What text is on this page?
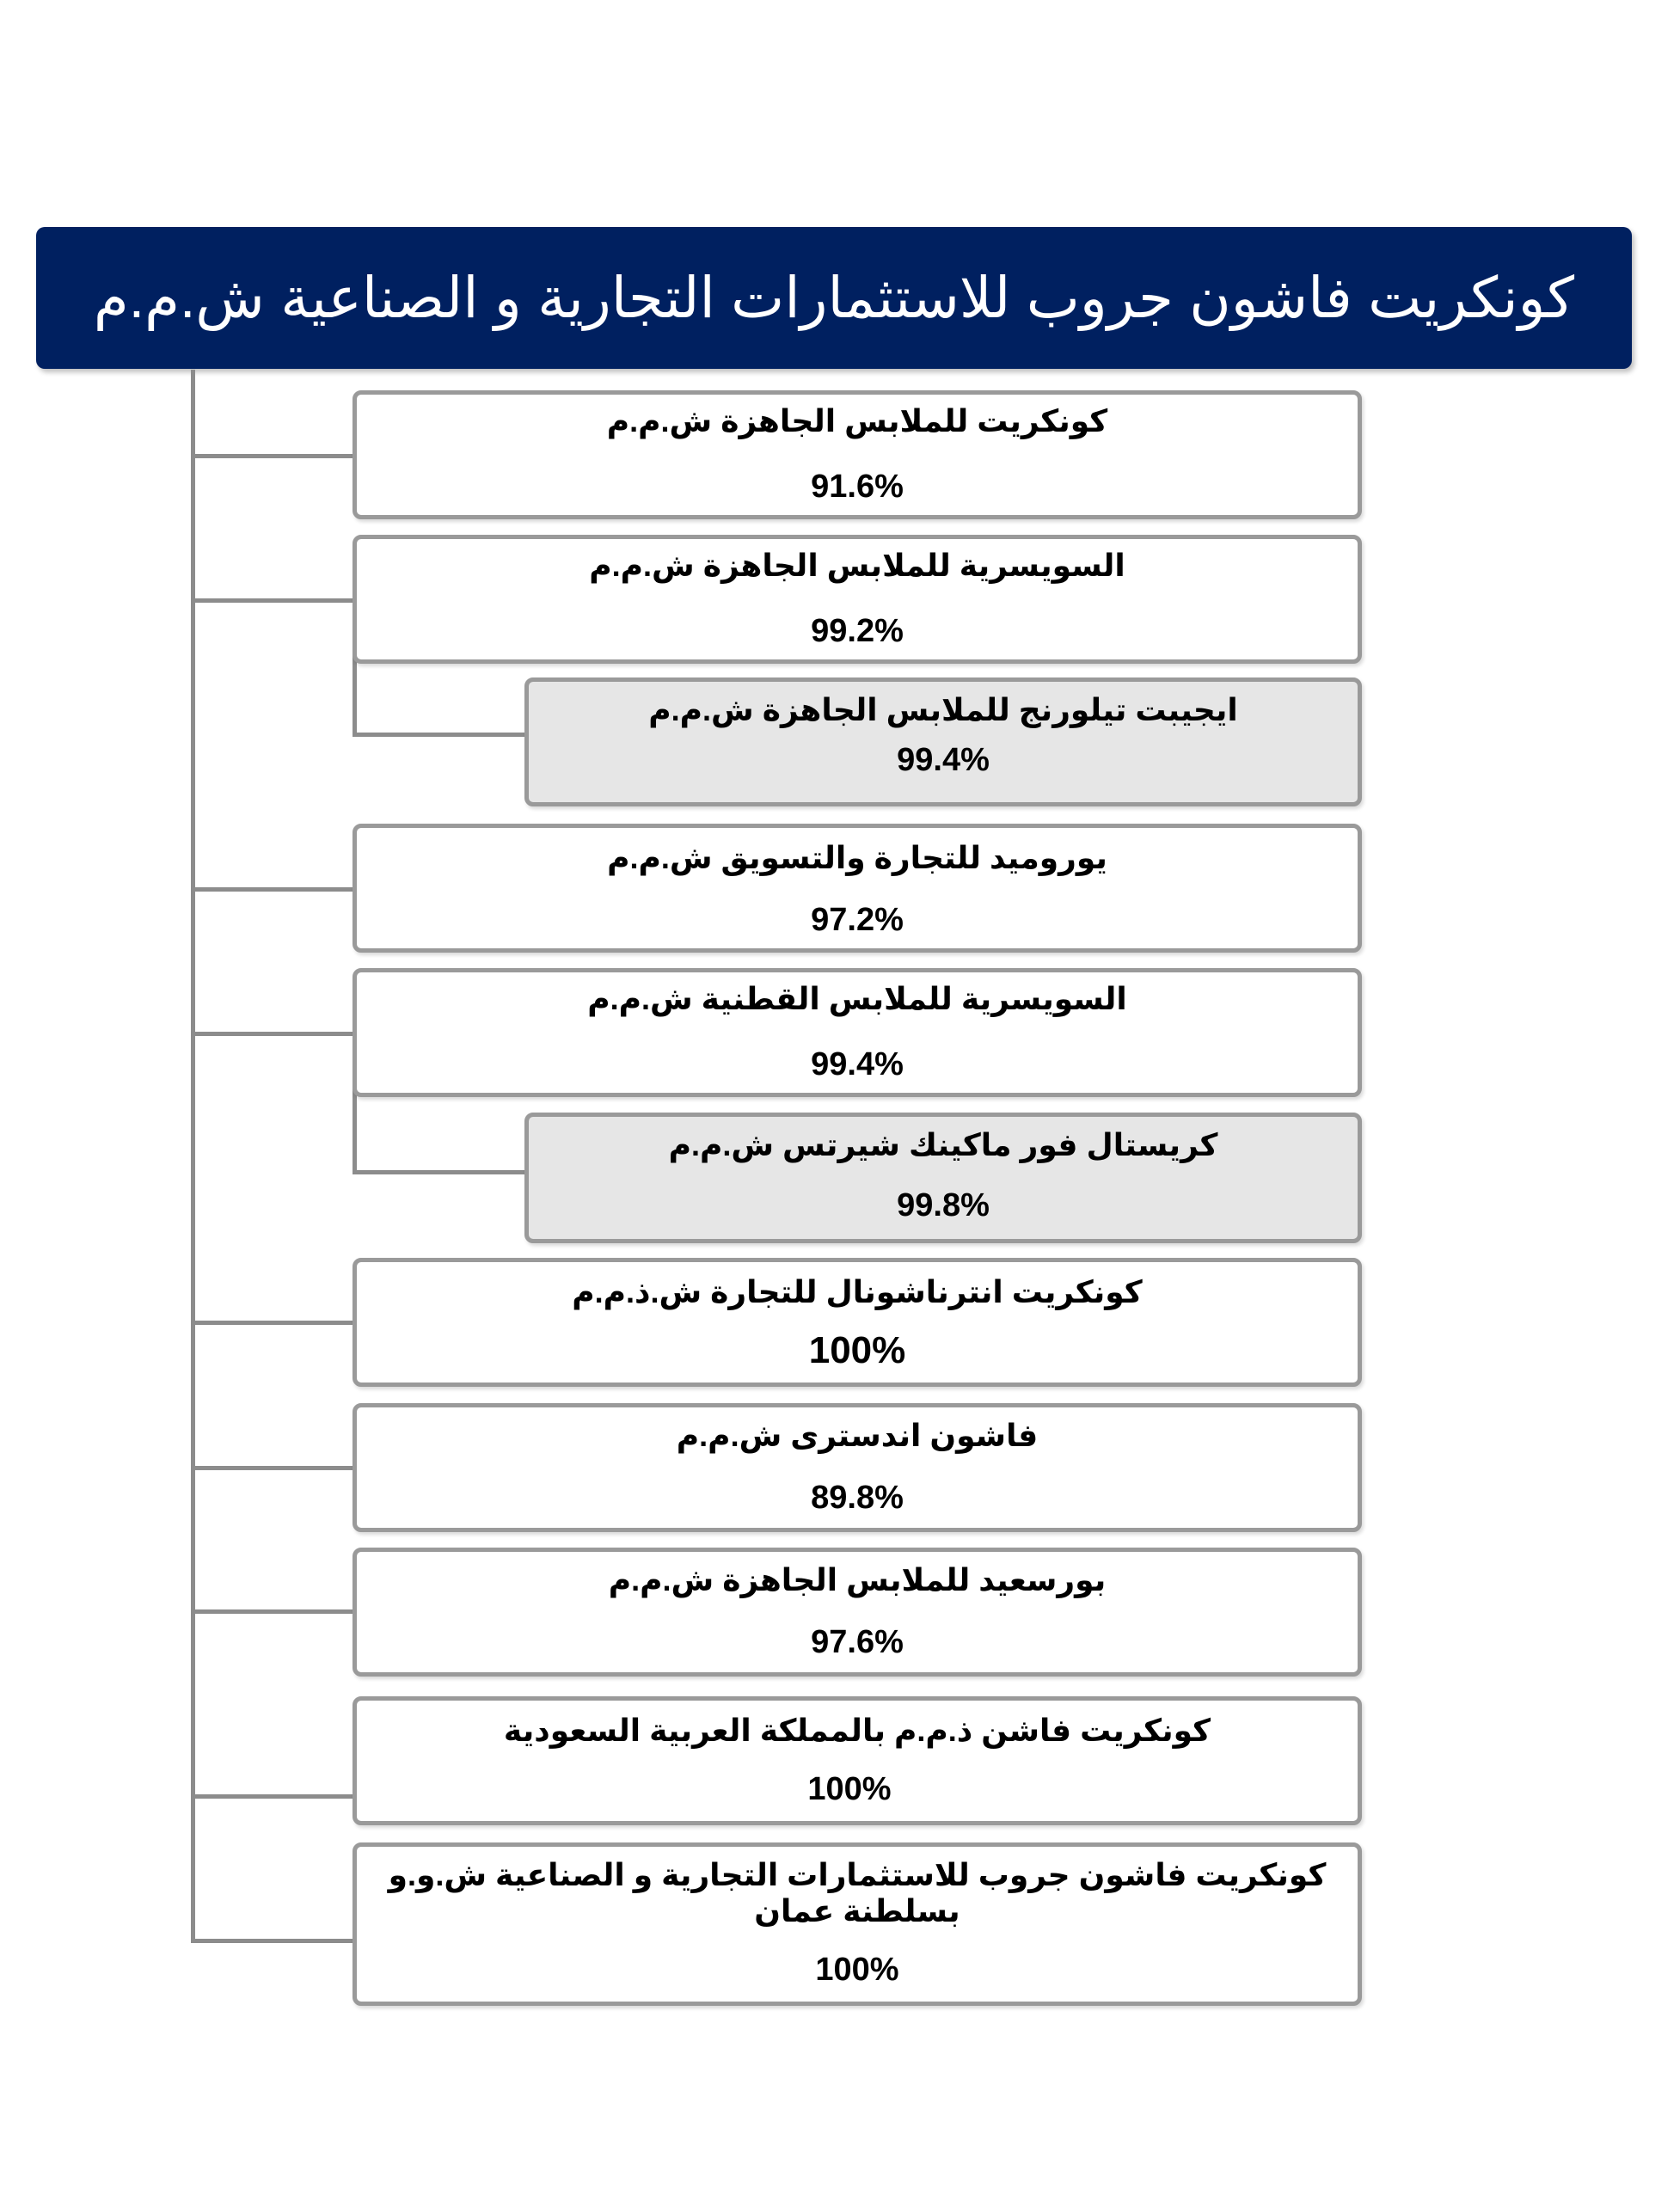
كونكريت فاشون جروب للاستثمارات التجارية و الصناعية ش.م.م
كونكريت للملابس الجاهزة ش.م.م
91.6%
السويسرية للملابس الجاهزة ش.م.م
99.2%
ايجيبت تيلورنج للملابس الجاهزة ش.م.م
99.4%
يوروميد للتجارة والتسويق ش.م.م
97.2%
السويسرية للملابس القطنية ش.م.م
99.4%
كريستال فور ماكينك شيرتس ش.م.م
99.8%
كونكريت انترناشونال للتجارة ش.ذ.م.م
100%
فاشون اندسترى ش.م.م
89.8%
بورسعيد للملابس الجاهزة ش.م.م
97.6%
كونكريت فاشن ذ.م.م بالمملكة العربية السعودية
100%
كونكريت فاشون جروب للاستثمارات التجارية و الصناعية ش.و.و بسلطنة عمان
100%
